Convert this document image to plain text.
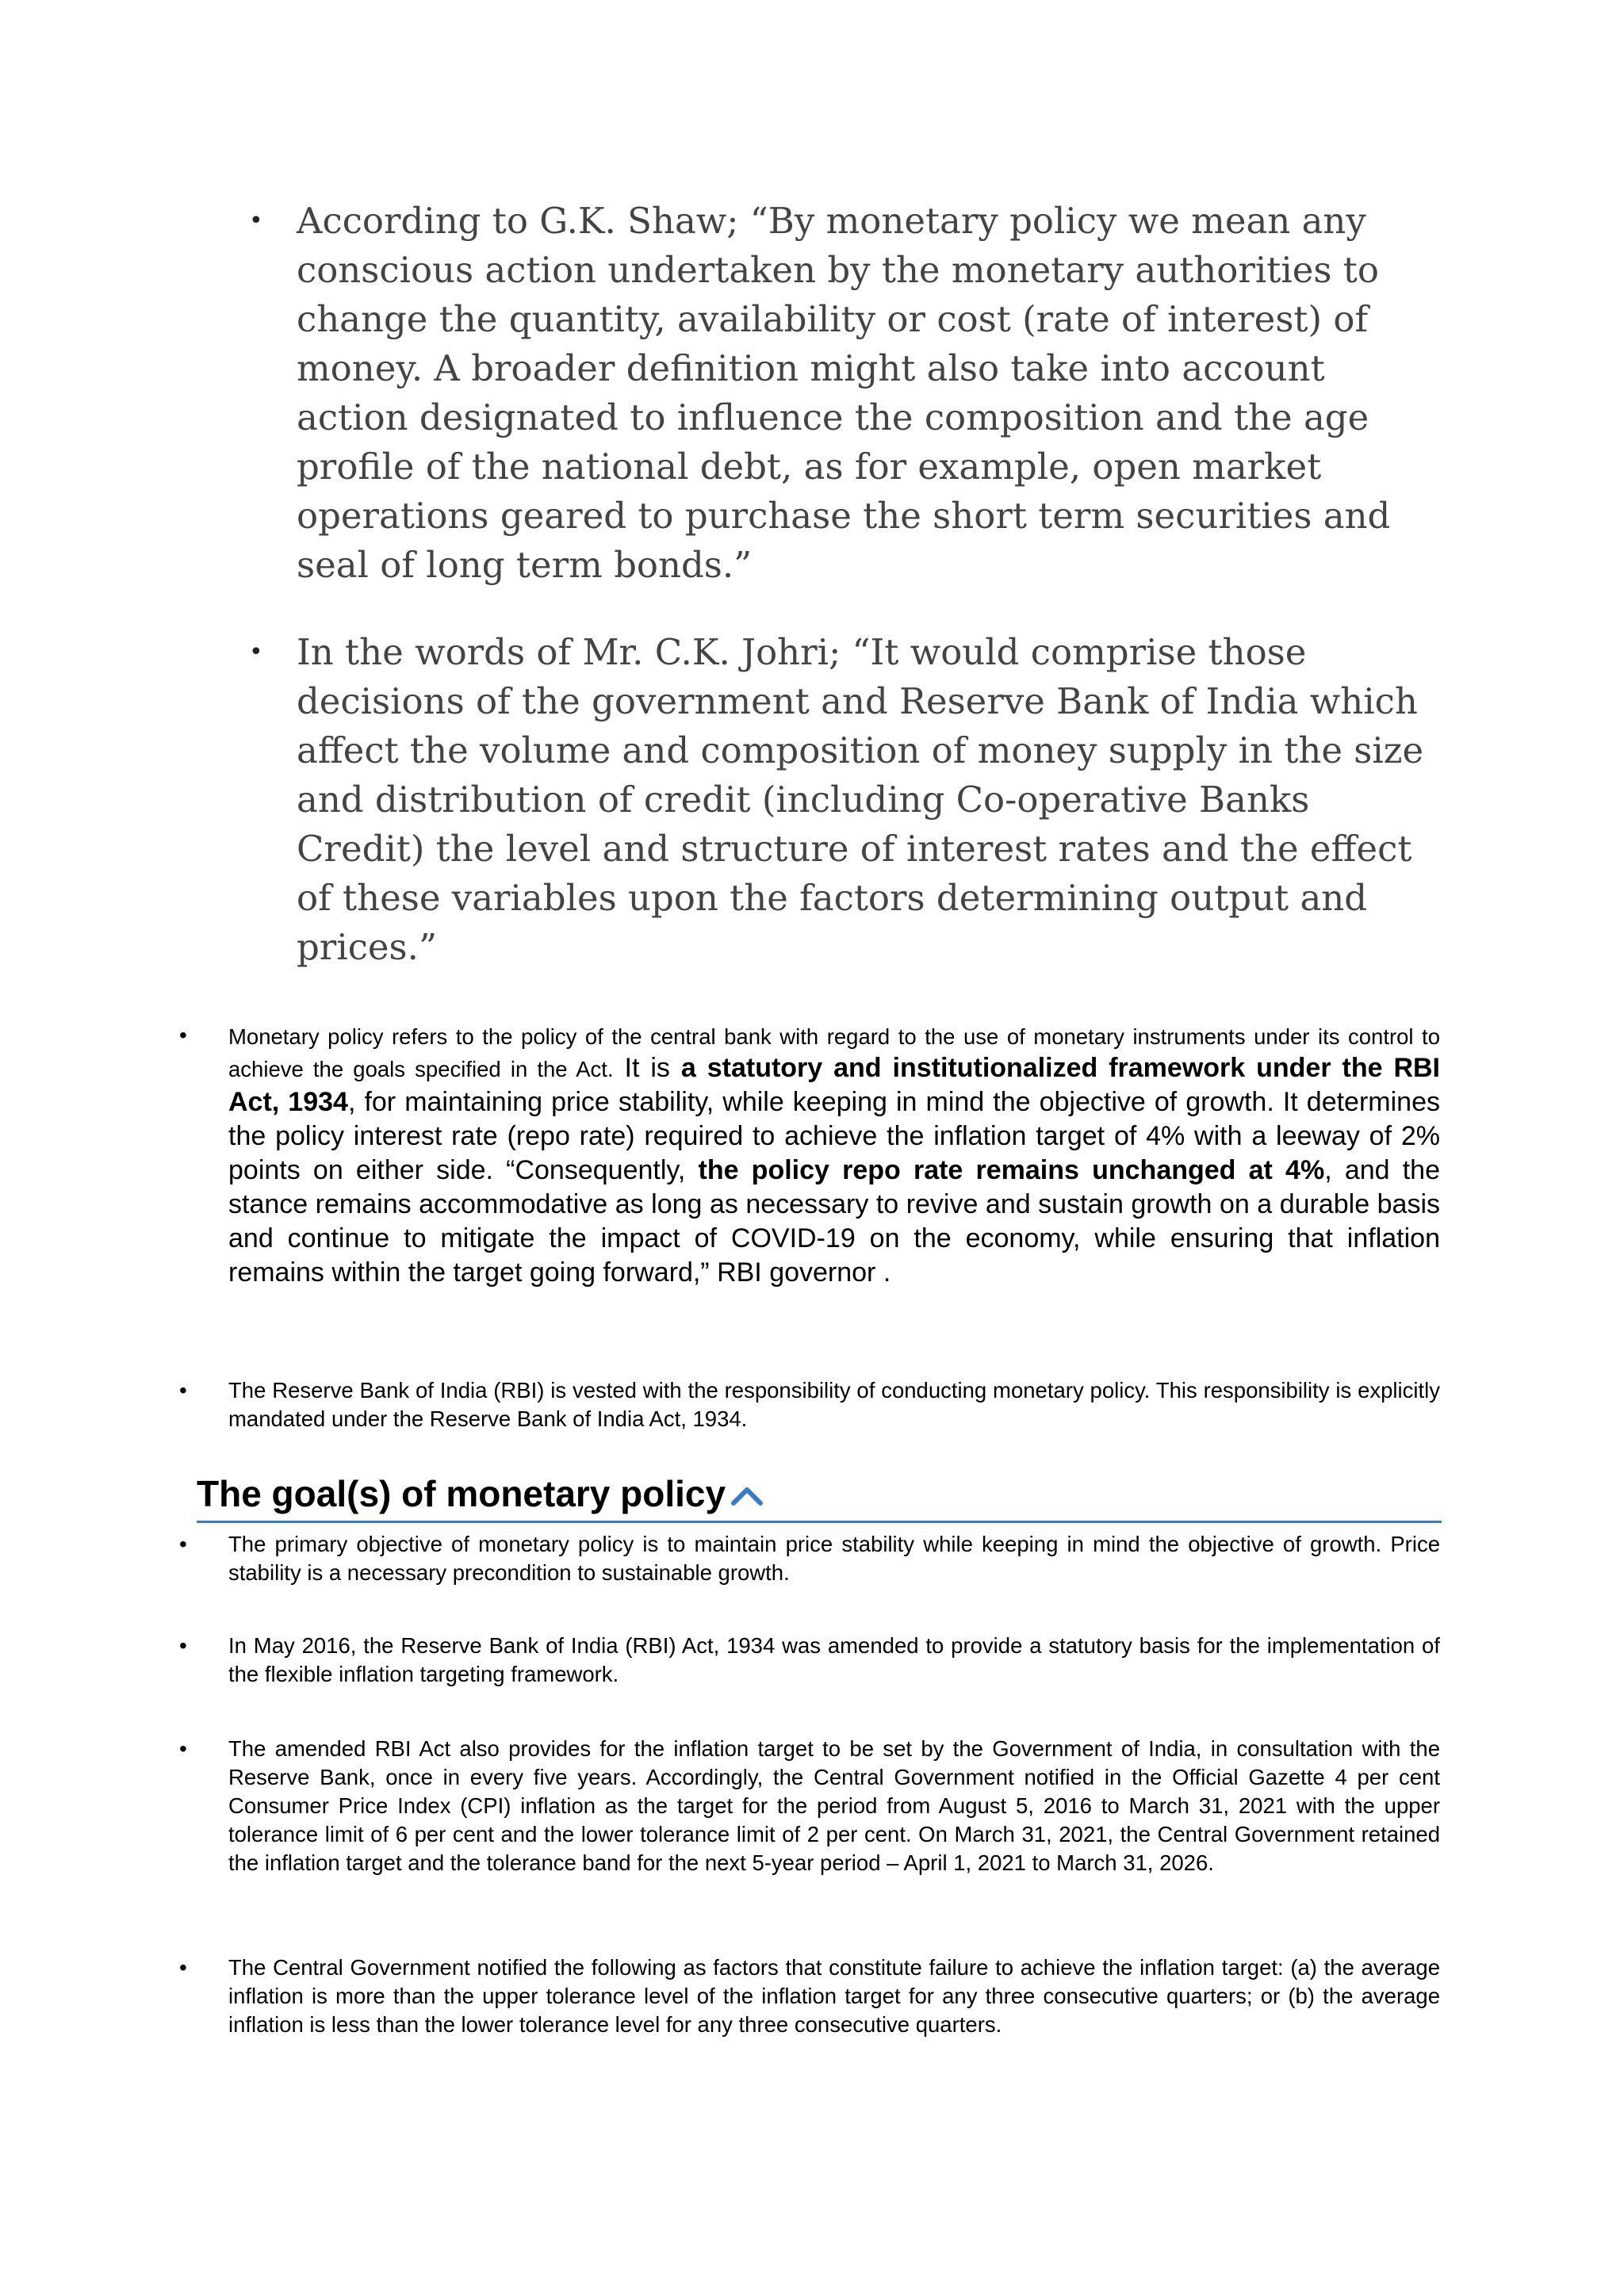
• According to G.K. Shaw; “By monetary policy we mean any conscious action undertaken by the monetary authorities to change the quantity, availability or cost (rate of interest) of money. A broader definition might also take into account action designated to influence the composition and the age profile of the national debt, as for example, open market operations geared to purchase the short term securities and seal of long term bonds.”
• In the words of Mr. C.K. Johri; “It would comprise those decisions of the government and Reserve Bank of India which affect the volume and composition of money supply in the size and distribution of credit (including Co-operative Banks Credit) the level and structure of interest rates and the effect of these variables upon the factors determining output and prices.”
• Monetary policy refers to the policy of the central bank with regard to the use of monetary instruments under its control to achieve the goals specified in the Act. It is a statutory and institutionalized framework under the RBI Act, 1934, for maintaining price stability, while keeping in mind the objective of growth. It determines the policy interest rate (repo rate) required to achieve the inflation target of 4% with a leeway of 2% points on either side. “Consequently, the policy repo rate remains unchanged at 4%, and the stance remains accommodative as long as necessary to revive and sustain growth on a durable basis and continue to mitigate the impact of COVID-19 on the economy, while ensuring that inflation remains within the target going forward,” RBI governor .
• The Reserve Bank of India (RBI) is vested with the responsibility of conducting monetary policy. This responsibility is explicitly mandated under the Reserve Bank of India Act, 1934.
The goal(s) of monetary policy
• The primary objective of monetary policy is to maintain price stability while keeping in mind the objective of growth. Price stability is a necessary precondition to sustainable growth.
• In May 2016, the Reserve Bank of India (RBI) Act, 1934 was amended to provide a statutory basis for the implementation of the flexible inflation targeting framework.
• The amended RBI Act also provides for the inflation target to be set by the Government of India, in consultation with the Reserve Bank, once in every five years. Accordingly, the Central Government notified in the Official Gazette 4 per cent Consumer Price Index (CPI) inflation as the target for the period from August 5, 2016 to March 31, 2021 with the upper tolerance limit of 6 per cent and the lower tolerance limit of 2 per cent. On March 31, 2021, the Central Government retained the inflation target and the tolerance band for the next 5-year period – April 1, 2021 to March 31, 2026.
• The Central Government notified the following as factors that constitute failure to achieve the inflation target: (a) the average inflation is more than the upper tolerance level of the inflation target for any three consecutive quarters; or (b) the average inflation is less than the lower tolerance level for any three consecutive quarters.
